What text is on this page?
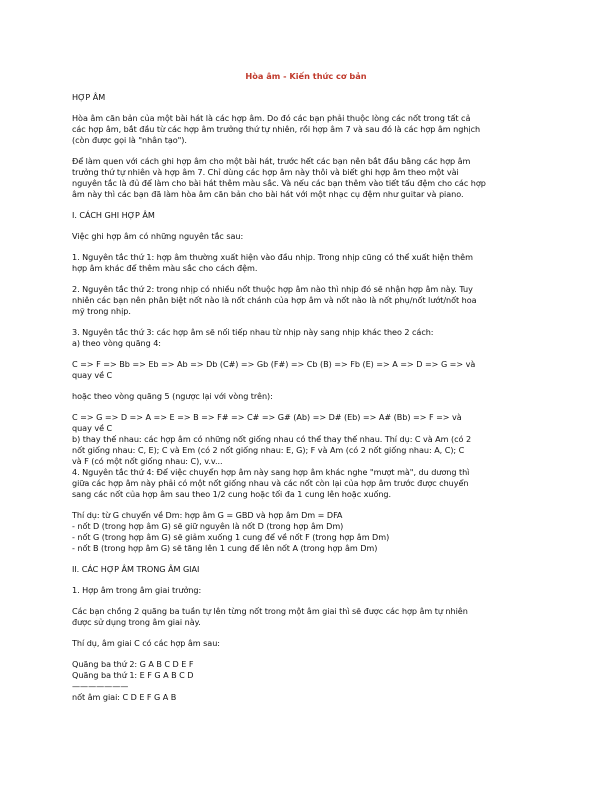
Hòa âm - Kiến thức cơ bản

HỢP ÂM

Hòa âm căn bản của một bài hát là các hợp âm. Do đó các bạn phải thuộc lòng các nốt trong tất cả
các hợp âm, bắt đầu từ các hợp âm trưởng thứ tự nhiên, rồi hợp âm 7 và sau đó là các hợp âm nghịch
(còn được gọi là "nhân tạo").

Để làm quen với cách ghi hợp âm cho một bài hát, trước hết các bạn nên bắt đầu bằng các hợp âm
trưởng thứ tự nhiên và hợp âm 7. Chỉ dùng các hợp âm này thôi và biết ghi hợp âm theo một vài
nguyên tắc là đủ để làm cho bài hát thêm màu sắc. Và nếu các bạn thêm vào tiết tấu đệm cho các hợp
âm này thì các bạn đã làm hòa âm căn bản cho bài hát với một nhạc cụ đệm như guitar và piano.

I. CÁCH GHI HỢP ÂM

Việc ghi hợp âm có những nguyên tắc sau:

1. Nguyên tắc thứ 1: hợp âm thường xuất hiện vào đầu nhịp. Trong nhịp cũng có thể xuất hiện thêm
hợp âm khác để thêm màu sắc cho cách đệm.

2. Nguyên tắc thứ 2: trong nhịp có nhiều nốt thuộc hợp âm nào thì nhịp đó sẽ nhận hợp âm này. Tuy
nhiên các bạn nên phân biệt nốt nào là nốt chánh của hợp âm và nốt nào là nốt phụ/nốt lướt/nốt hoa
mỹ trong nhịp.

3. Nguyên tắc thứ 3: các hợp âm sẽ nối tiếp nhau từ nhịp này sang nhịp khác theo 2 cách:
a) theo vòng quãng 4:

C => F => Bb => Eb => Ab => Db (C#) => Gb (F#) => Cb (B) => Fb (E) => A => D => G => và
quay về C

hoặc theo vòng quãng 5 (ngược lại với vòng trên):

C => G => D => A => E => B => F# => C# => G# (Ab) => D# (Eb) => A# (Bb) => F => và
quay về C
b) thay thế nhau: các hợp âm có những nốt giống nhau có thể thay thế nhau. Thí dụ: C và Am (có 2
nốt giống nhau: C, E); C và Em (có 2 nốt giống nhau: E, G); F và Am (có 2 nốt giống nhau: A, C); C
và F (có một nốt giống nhau: C), v.v...
4. Nguyên tắc thứ 4: Để việc chuyển hợp âm này sang hợp âm khác nghe "mượt mà", du dương thì
giữa các hợp âm này phải có một nốt giống nhau và các nốt còn lại của hợp âm trước được chuyển
sang các nốt của hợp âm sau theo 1/2 cung hoặc tối đa 1 cung lên hoặc xuống.

Thí dụ: từ G chuyển về Dm: hợp âm G = GBD và hợp âm Dm = DFA
- nốt D (trong hợp âm G) sẽ giữ nguyên là nốt D (trong hợp âm Dm)
- nốt G (trong hợp âm G) sẽ giảm xuống 1 cung để về nốt F (trong hợp âm Dm)
- nốt B (trong hợp âm G) sẽ tăng lên 1 cung để lên nốt A (trong hợp âm Dm)

II. CÁC HỢP ÂM TRONG ÂM GIAI

1. Hợp âm trong âm giai trưởng:

Các bạn chồng 2 quãng ba tuần tự lên từng nốt trong một âm giai thì sẽ được các hợp âm tự nhiên
được sử dụng trong âm giai này.

Thí dụ, âm giai C có các hợp âm sau:

Quãng ba thứ 2: G A B C D E F
Quãng ba thứ 1: E F G A B C D
———————
nốt âm giai: C D E F G A B
